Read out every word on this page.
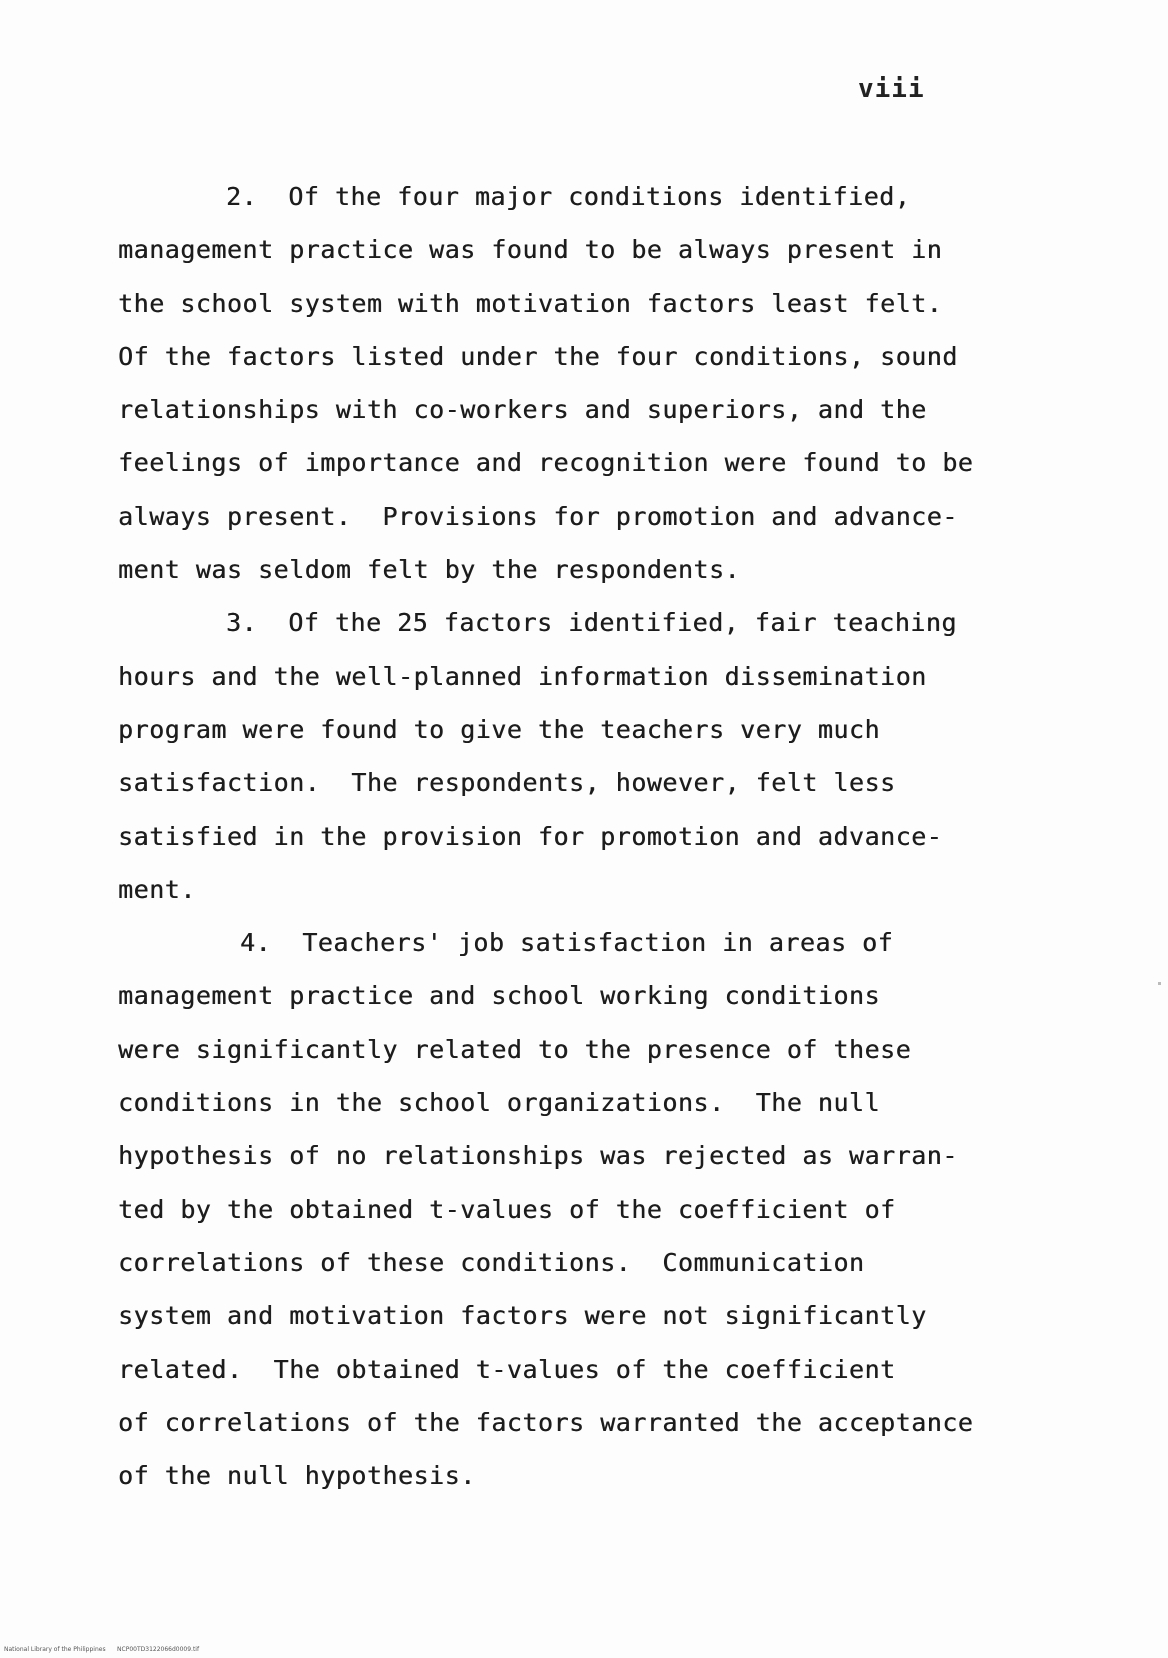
viii
2.  Of the four major conditions identified,
management practice was found to be always present in
the school system with motivation factors least felt.
Of the factors listed under the four conditions, sound
relationships with co-workers and superiors, and the
feelings of importance and recognition were found to be
always present.  Provisions for promotion and advance-
ment was seldom felt by the respondents.
3.  Of the 25 factors identified, fair teaching
hours and the well-planned information dissemination
program were found to give the teachers very much
satisfaction.  The respondents, however, felt less
satisfied in the provision for promotion and advance-
ment.
4.  Teachers' job satisfaction in areas of
management practice and school working conditions
were significantly related to the presence of these
conditions in the school organizations.  The null
hypothesis of no relationships was rejected as warran-
ted by the obtained t-values of the coefficient of
correlations of these conditions.  Communication
system and motivation factors were not significantly
related.  The obtained t-values of the coefficient
of correlations of the factors warranted the acceptance
of the null hypothesis.
National Library of the Philippines NCP00TD3122066d0009.tif
